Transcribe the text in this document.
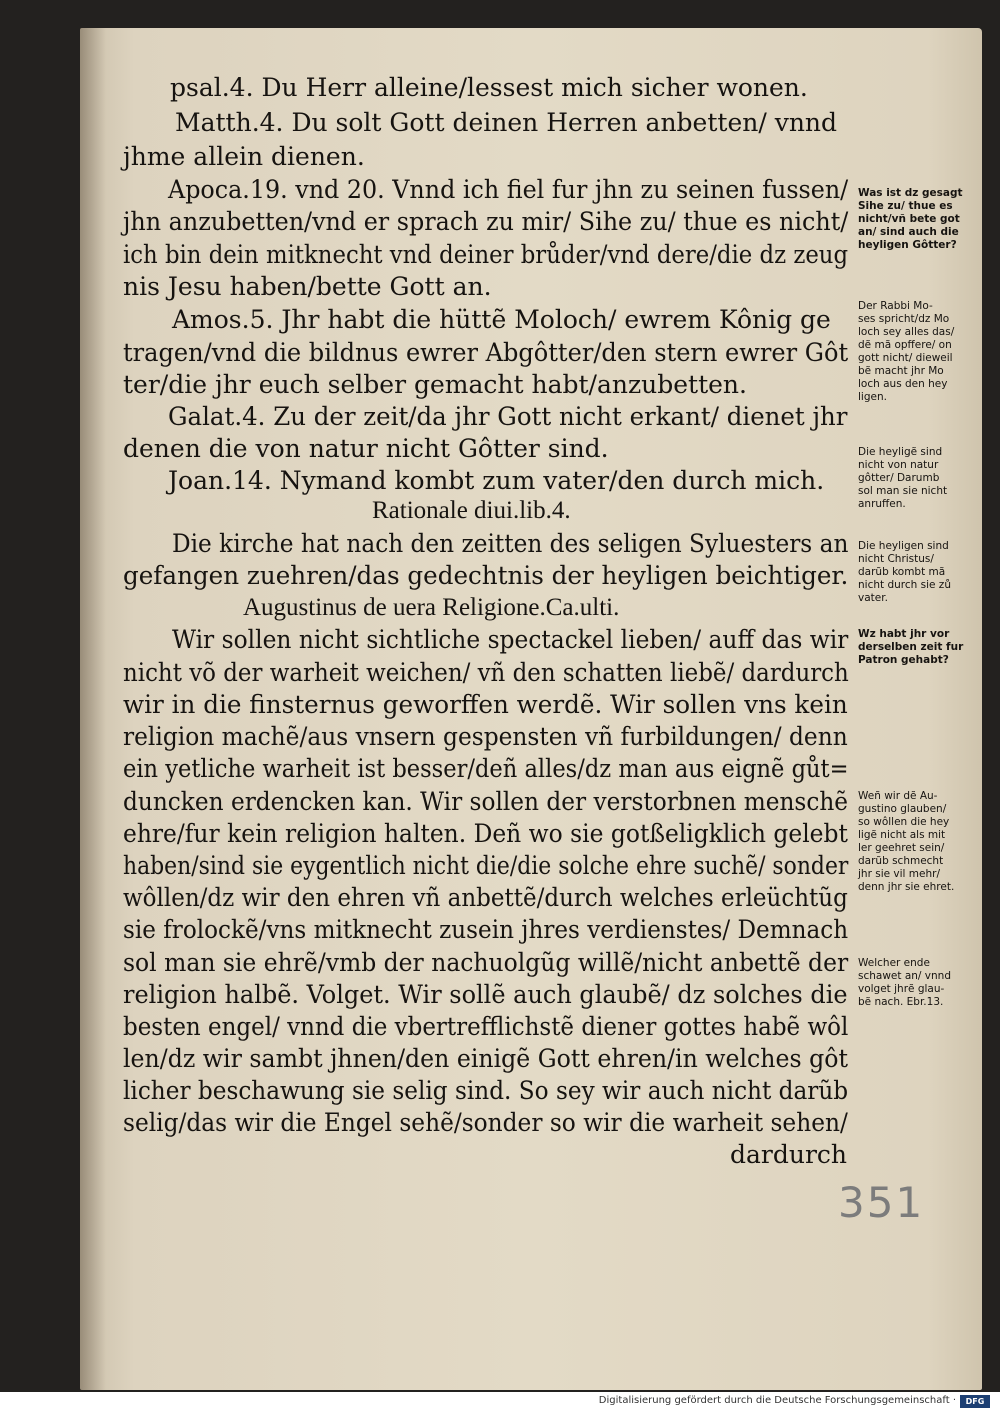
psal.4. Du Herr alleine/lessest mich sicher wonen.
Matth.4. Du solt Gott deinen Herren anbetten/ vnnd
jhme allein dienen.
Apoca.19. vnd 20. Vnnd ich fiel fur jhn zu seinen fussen/
jhn anzubetten/vnd er sprach zu mir/ Sihe zu/ thue es nicht/
ich bin dein mitknecht vnd deiner brůder/vnd dere/die dz zeug
nis Jesu haben/bette Gott an.
Amos.5. Jhr habt die hüttẽ Moloch/ ewrem Kônig ge
tragen/vnd die bildnus ewrer Abgôtter/den stern ewrer Gôt
ter/die jhr euch selber gemacht habt/anzubetten.
Galat.4. Zu der zeit/da jhr Gott nicht erkant/ dienet jhr
denen die von natur nicht Gôtter sind.
Joan.14. Nymand kombt zum vater/den durch mich.
Rationale diui.lib.4.
Die kirche hat nach den zeitten des seligen Syluesters an
gefangen zuehren/das gedechtnis der heyligen beichtiger.
Augustinus de uera Religione.Ca.ulti.
Wir sollen nicht sichtliche spectackel lieben/ auff das wir
nicht võ der warheit weichen/ vñ den schatten liebẽ/ dardurch
wir in die finsternus geworffen werdẽ. Wir sollen vns kein
religion machẽ/aus vnsern gespensten vñ furbildungen/ denn
ein yetliche warheit ist besser/deñ alles/dz man aus eignẽ gůt=
duncken erdencken kan. Wir sollen der verstorbnen menschẽ
ehre/fur kein religion halten. Deñ wo sie gotßeligklich gelebt
haben/sind sie eygentlich nicht die/die solche ehre suchẽ/ sonder
wôllen/dz wir den ehren vñ anbettẽ/durch welches erleüchtũg
sie frolockẽ/vns mitknecht zusein jhres verdienstes/ Demnach
sol man sie ehrẽ/vmb der nachuolgũg willẽ/nicht anbettẽ der
religion halbẽ. Volget. Wir sollẽ auch glaubẽ/ dz solches die
besten engel/ vnnd die vbertrefflichstẽ diener gottes habẽ wôl
len/dz wir sambt jhnen/den einigẽ Gott ehren/in welches gôt
licher beschawung sie selig sind. So sey wir auch nicht darũb
selig/das wir die Engel sehẽ/sonder so wir die warheit sehen/
dardurch
Was ist dz gesagt
Sihe zu/ thue es
nicht/vñ bete got
an/ sind auch die
heyligen Gôtter?
Der Rabbi Mo-
ses spricht/dz Mo
loch sey alles das/
dẽ mã opffere/ on
gott nicht/ dieweil
bẽ macht jhr Mo
loch aus den hey
ligen.
Die heyligẽ sind
nicht von natur
gôtter/ Darumb
sol man sie nicht
anruffen.
Die heyligen sind
nicht Christus/
darũb kombt mã
nicht durch sie zů
vater.
Wz habt jhr vor
derselben zeit fur
Patron gehabt?
Weñ wir dẽ Au-
gustino glauben/
so wôllen die hey
ligẽ nicht als mit
ler geehret sein/
darũb schmecht
jhr sie vil mehr/
denn jhr sie ehret.
Welcher ende
schawet an/ vnnd
volget jhrẽ glau-
bẽ nach. Ebr.13.
351
Digitalisierung gefördert durch die Deutsche Forschungsgemeinschaft ·	DFG
